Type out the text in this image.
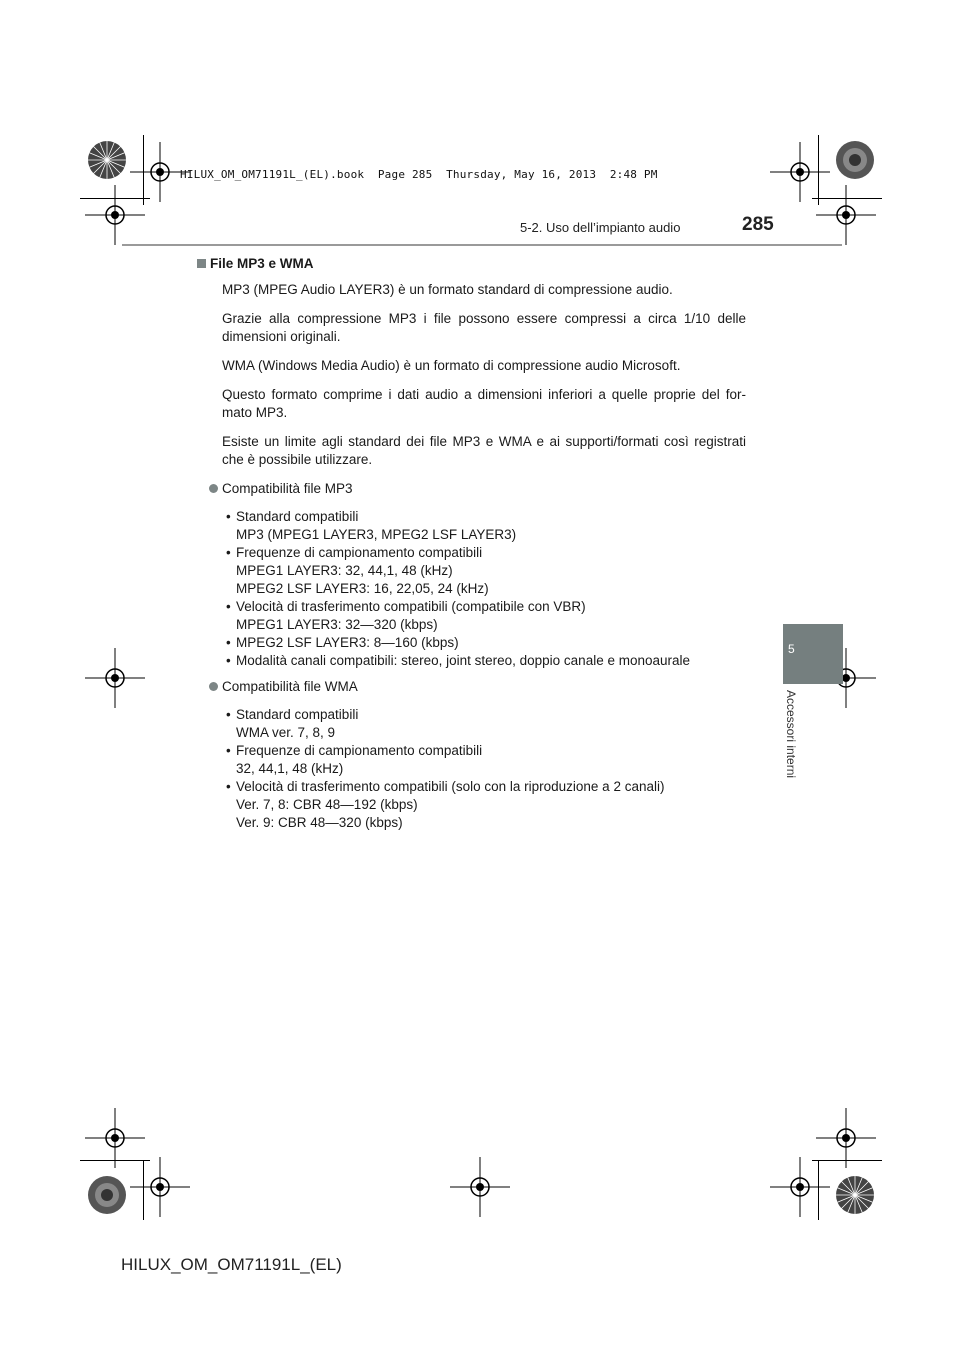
HILUX_OM_OM71191L_(EL).book  Page 285  Thursday, May 16, 2013  2:48 PM
5-2. Uso dell’impianto audio	285
5
Accessori interni
File MP3 e WMA

MP3 (MPEG Audio LAYER3) è un formato standard di compressione audio.

Grazie alla compressione MP3 i file possono essere compressi a circa 1/10 delle dimensioni originali.

WMA (Windows Media Audio) è un formato di compressione audio Microsoft.

Questo formato comprime i dati audio a dimensioni inferiori a quelle proprie del for-mato MP3.

Esiste un limite agli standard dei file MP3 e WMA e ai supporti/formati così registrati che è possibile utilizzare.

Compatibilità file MP3
• Standard compatibili
MP3 (MPEG1 LAYER3, MPEG2 LSF LAYER3)
• Frequenze di campionamento compatibili
MPEG1 LAYER3: 32, 44,1, 48 (kHz)
MPEG2 LSF LAYER3: 16, 22,05, 24 (kHz)
• Velocità di trasferimento compatibili (compatibile con VBR)
MPEG1 LAYER3: 32—320 (kbps)
• MPEG2 LSF LAYER3: 8—160 (kbps)
• Modalità canali compatibili: stereo, joint stereo, doppio canale e monoaurale
Compatibilità file WMA
• Standard compatibili
WMA ver. 7, 8, 9
• Frequenze di campionamento compatibili
32, 44,1, 48 (kHz)
• Velocità di trasferimento compatibili (solo con la riproduzione a 2 canali)
Ver. 7, 8: CBR 48—192 (kbps)
Ver. 9: CBR 48—320 (kbps)
HILUX_OM_OM71191L_(EL)
